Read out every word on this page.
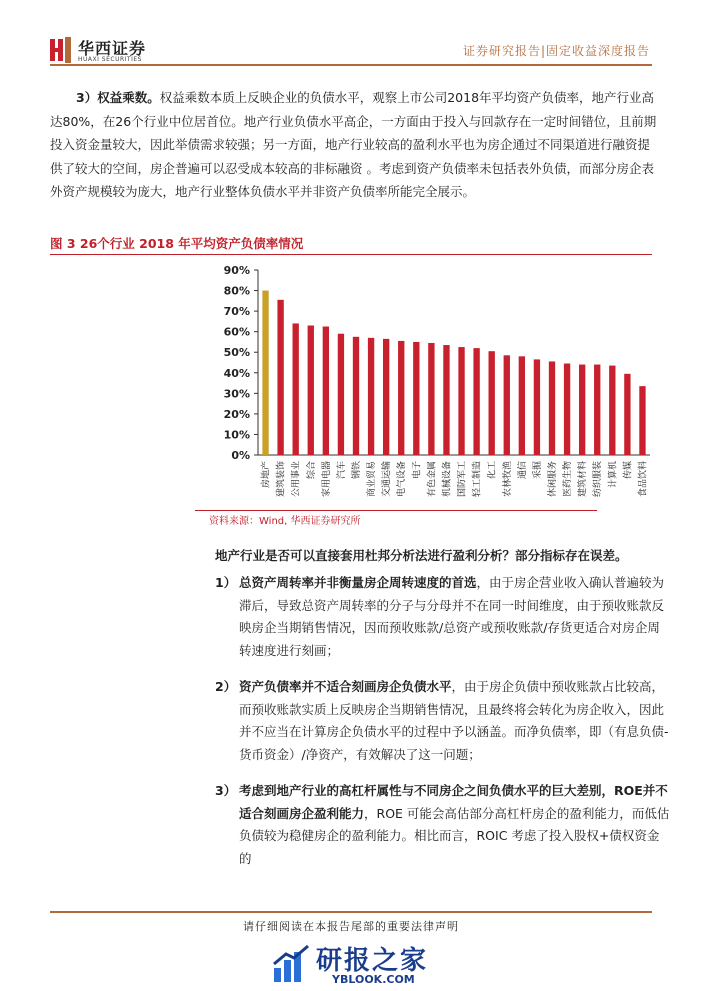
华西证券
HUAXI SECURITIES
证券研究报告|固定收益深度报告

3）权益乘数。权益乘数本质上反映企业的负债水平，观察上市公司2018年平均资产负债率，地产行业高达80%，在26个行业中位居首位。地产行业负债水平高企，一方面由于投入与回款存在一定时间错位，且前期投入资金量较大，因此举债需求较强；另一方面，地产行业较高的盈利水平也为房企通过不同渠道进行融资提供了较大的空间，房企普遍可以忍受成本较高的非标融资 。考虑到资产负债率未包括表外负债，而部分房企表外资产规模较为庞大，地产行业整体负债水平并非资产负债率所能完全展示。

图 3 26个行业 2018 年平均资产负债率情况
0%
10%
20%
30%
40%
50%
60%
70%
80%
90%
房地产 建筑装饰 公用事业 综合 家用电器 汽车 钢铁 商业贸易 交通运输 电气设备 电子 有色金属 机械设备 国防军工 轻工制造 化工 农林牧渔 通信 采掘 休闲服务 医药生物 建筑材料 纺织服装 计算机 传媒 食品饮料
资料来源：Wind, 华西证券研究所
地产行业是否可以直接套用杜邦分析法进行盈利分析？部分指标存在误差。
1） 总资产周转率并非衡量房企周转速度的首选，由于房企营业收入确认普遍较为滞后，导致总资产周转率的分子与分母并不在同一时间维度，由于预收账款反映房企当期销售情况，因而预收账款/总资产或预收账款/存货更适合对房企周转速度进行刻画；
2） 资产负债率并不适合刻画房企负债水平，由于房企负债中预收账款占比较高，而预收账款实质上反映房企当期销售情况，且最终将会转化为房企收入，因此并不应当在计算房企负债水平的过程中予以涵盖。而净负债率，即（有息负债-货币资金）/净资产，有效解决了这一问题；
3） 考虑到地产行业的高杠杆属性与不同房企之间负债水平的巨大差别，ROE并不适合刻画房企盈利能力，ROE 可能会高估部分高杠杆房企的盈利能力，而低估负债较为稳健房企的盈利能力。相比而言，ROIC 考虑了投入股权+债权资金的
请仔细阅读在本报告尾部的重要法律声明
研报之家
YBLOOK.COM
